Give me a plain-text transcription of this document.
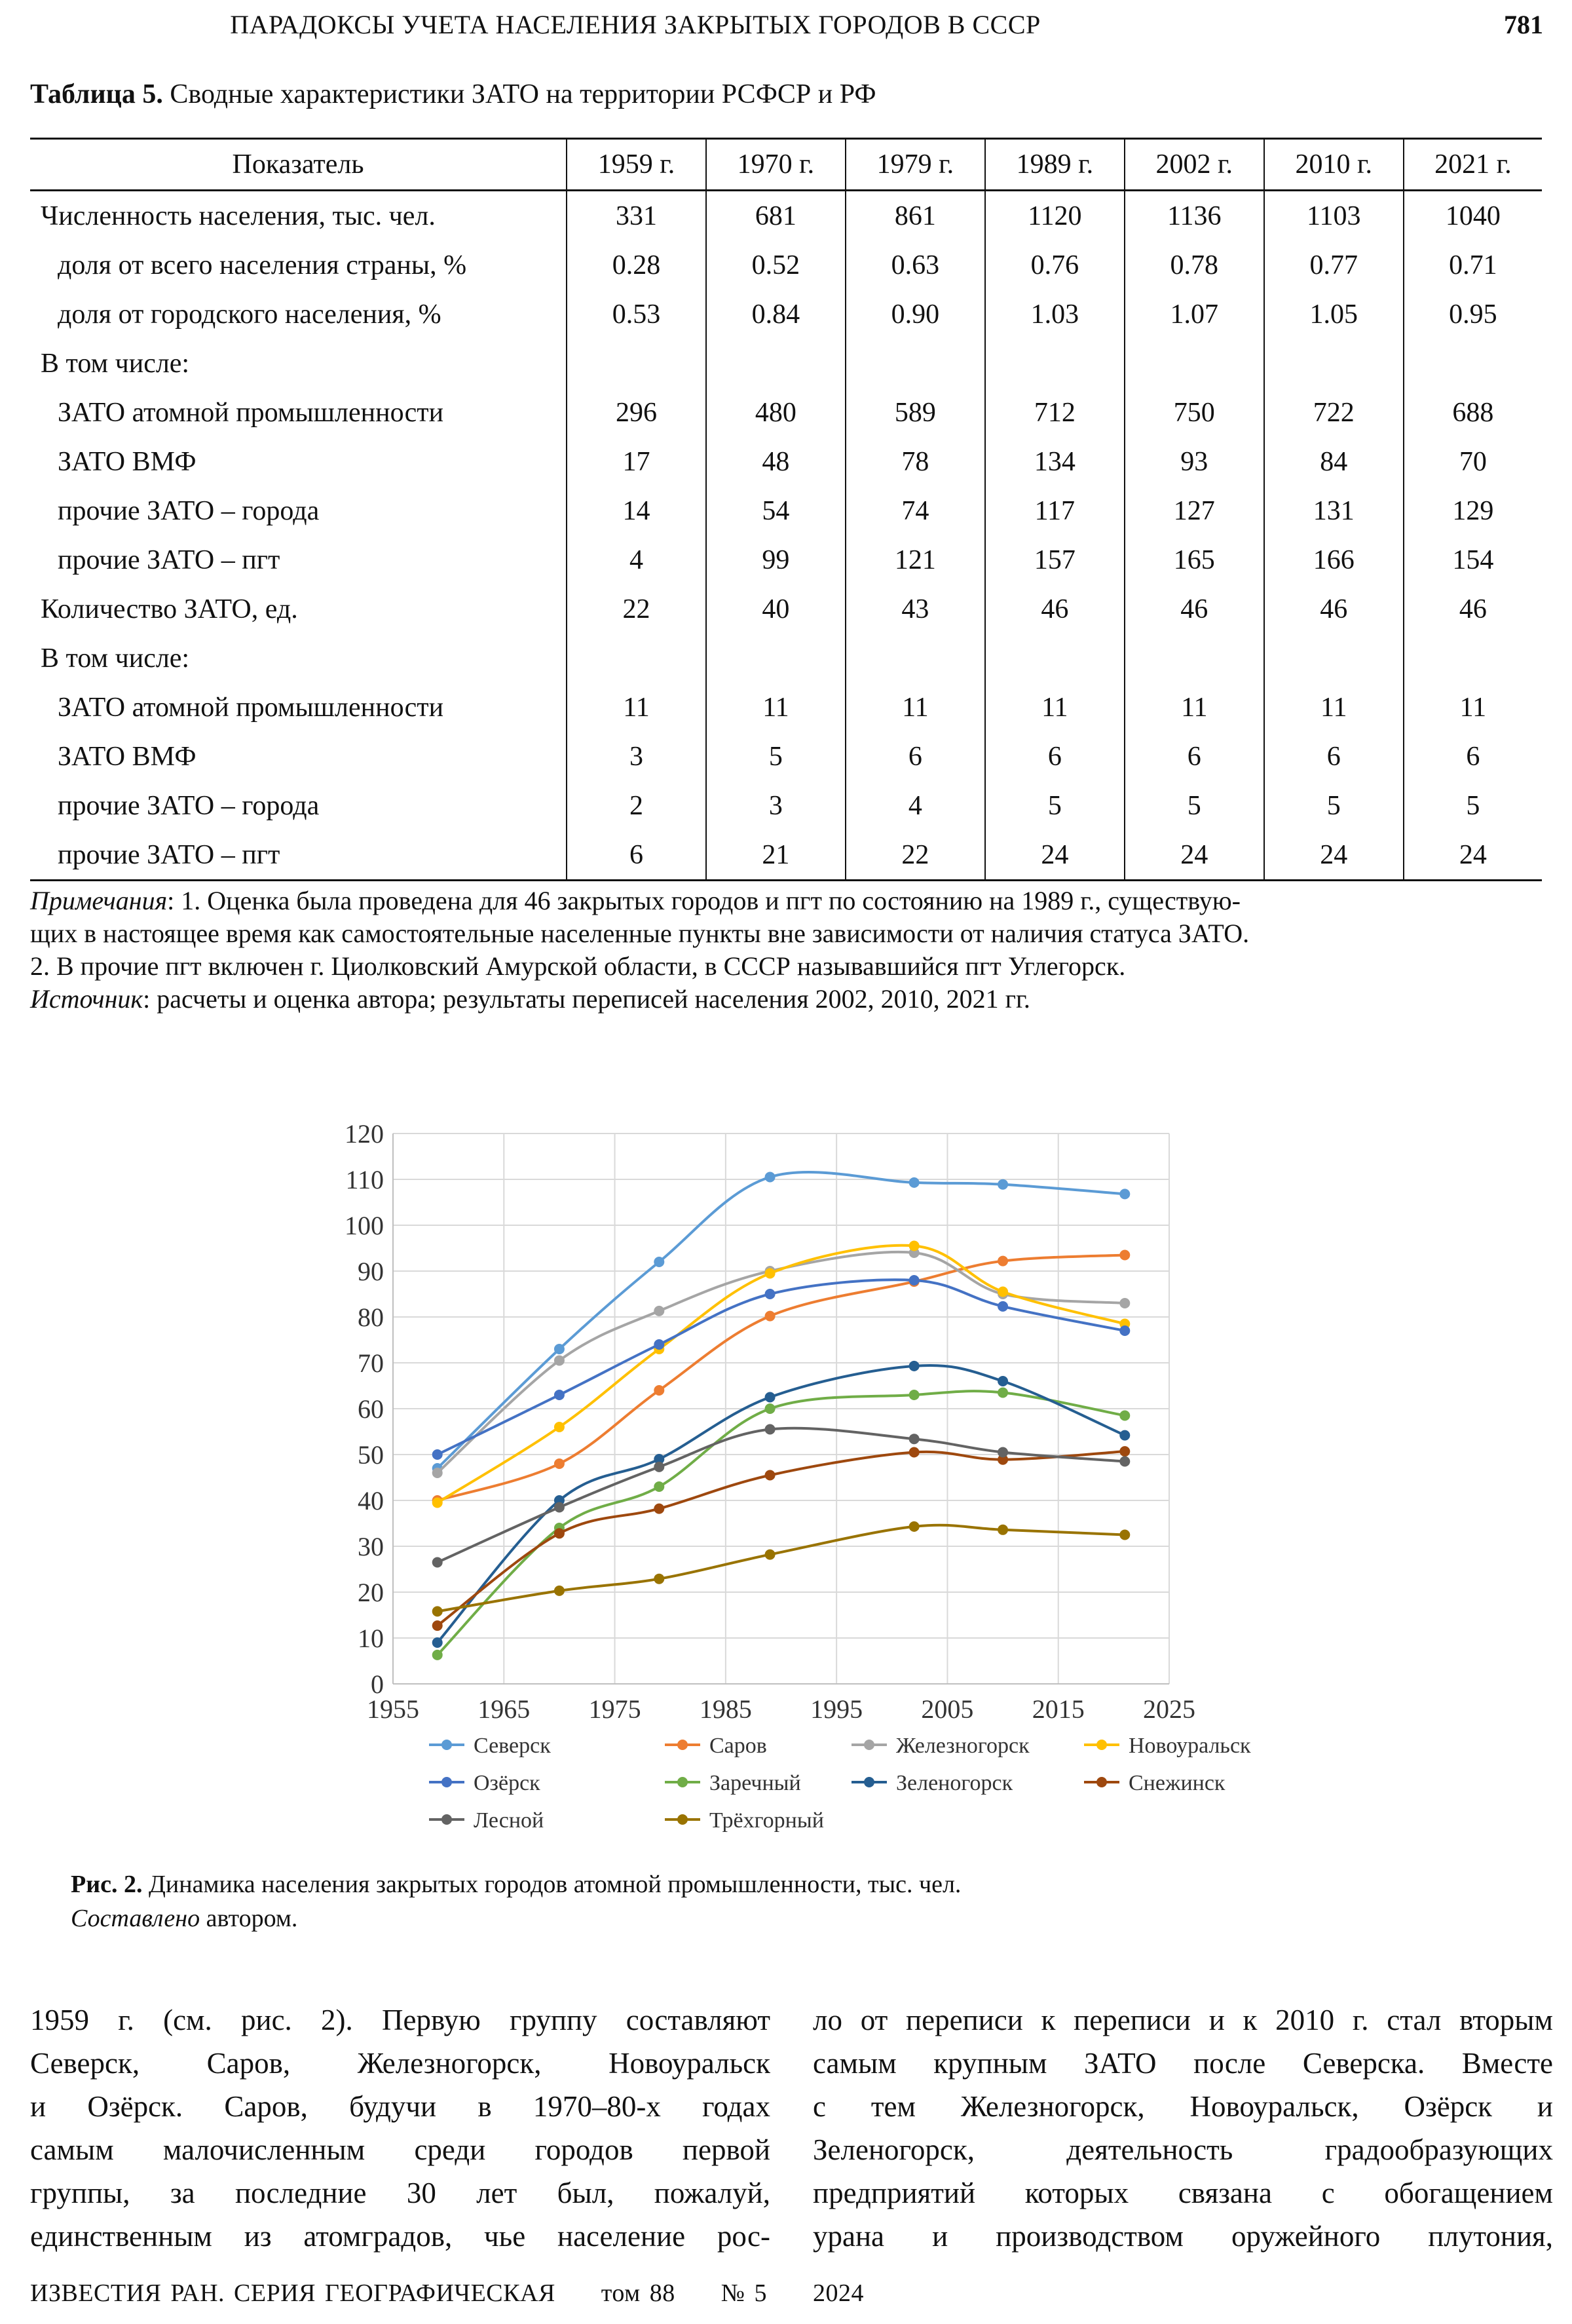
ПАРАДОКСЫ УЧЕТА НАСЕЛЕНИЯ ЗАКРЫТЫХ ГОРОДОВ В СССР	781
Таблица 5. Сводные характеристики ЗАТО на территории РСФСР и РФ
Показатель	1959 г.	1970 г.	1979 г.	1989 г.	2002 г.	2010 г.	2021 г.
Численность населения, тыс. чел.	331	681	861	1120	1136	1103	1040
доля от всего населения страны, %	0.28	0.52	0.63	0.76	0.78	0.77	0.71
доля от городского населения, %	0.53	0.84	0.90	1.03	1.07	1.05	0.95
В том числе:							
ЗАТО атомной промышленности	296	480	589	712	750	722	688
ЗАТО ВМФ	17	48	78	134	93	84	70
прочие ЗАТО – города	14	54	74	117	127	131	129
прочие ЗАТО – пгт	4	99	121	157	165	166	154
Количество ЗАТО, ед.	22	40	43	46	46	46	46
В том числе:							
ЗАТО атомной промышленности	11	11	11	11	11	11	11
ЗАТО ВМФ	3	5	6	6	6	6	6
прочие ЗАТО – города	2	3	4	5	5	5	5
прочие ЗАТО – пгт	6	21	22	24	24	24	24
Примечания: 1. Оценка была проведена для 46 закрытых городов и пгт по состоянию на 1989 г., существую-
щих в настоящее время как самостоятельные населенные пункты вне зависимости от наличия статуса ЗАТО.
2. В прочие пгт включен г. Циолковский Амурской области, в СССР называвшийся пгт Углегорск.
Источник: расчеты и оценка автора; результаты переписей населения 2002, 2010, 2021 гг.
0
10
20
30
40
50
60
70
80
90
100
110
120
1955 1965 1975 1985 1995 2005 2015 2025
Северск	Саров	Железногорск	Новоуральск
Озёрск	Заречный	Зеленогорск	Снежинск
Лесной	Трёхгорный
Рис. 2. Динамика населения закрытых городов атомной промышленности, тыс. чел.
Составлено автором.
1959 г. (см. рис. 2). Первую группу составляют
Северск, Саров, Железногорск, Новоуральск
и Озёрск. Саров, будучи в 1970–80-х годах
самым малочисленным среди городов первой
группы, за последние 30 лет был, пожалуй,
единственным из атомградов, чье население рос-
ло от переписи к переписи и к 2010 г. стал вторым
самым крупным ЗАТО после Северска. Вместе
с тем Железногорск, Новоуральск, Озёрск и
Зеленогорск, деятельность градообразующих
предприятий которых связана с обогащением
урана и производством оружейного плутония,
ИЗВЕСТИЯ РАН. СЕРИЯ ГЕОГРАФИЧЕСКАЯ том 88 № 5 2024
